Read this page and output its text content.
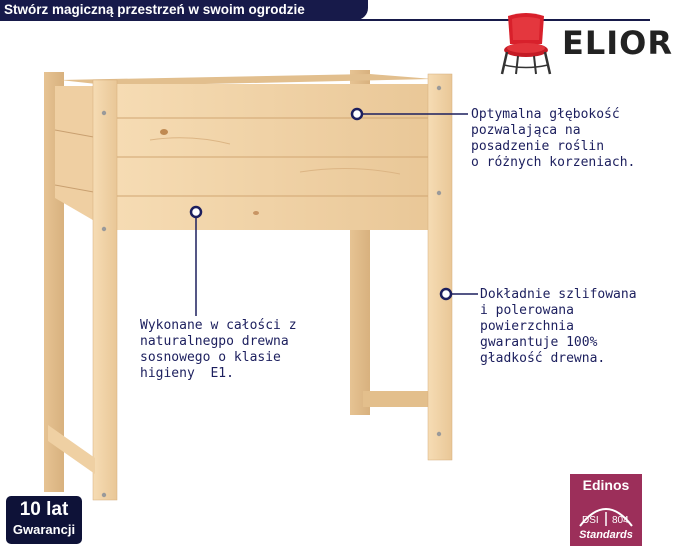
Stwórz magiczną przestrzeń w swoim ogrodzie
ELIOR
Optymalna głębokość
pozwalająca na
posadzenie roślin
o różnych korzeniach.
Dokładnie szlifowana
i polerowana
powierzchnia
gwarantuje 100%
gładkość drewna.
Wykonane w całości z
naturalnegpo drewna
sosnowego o klasie
higieny  E1.
10 lat
Gwarancji
Edinos
DSI 804
Standards
